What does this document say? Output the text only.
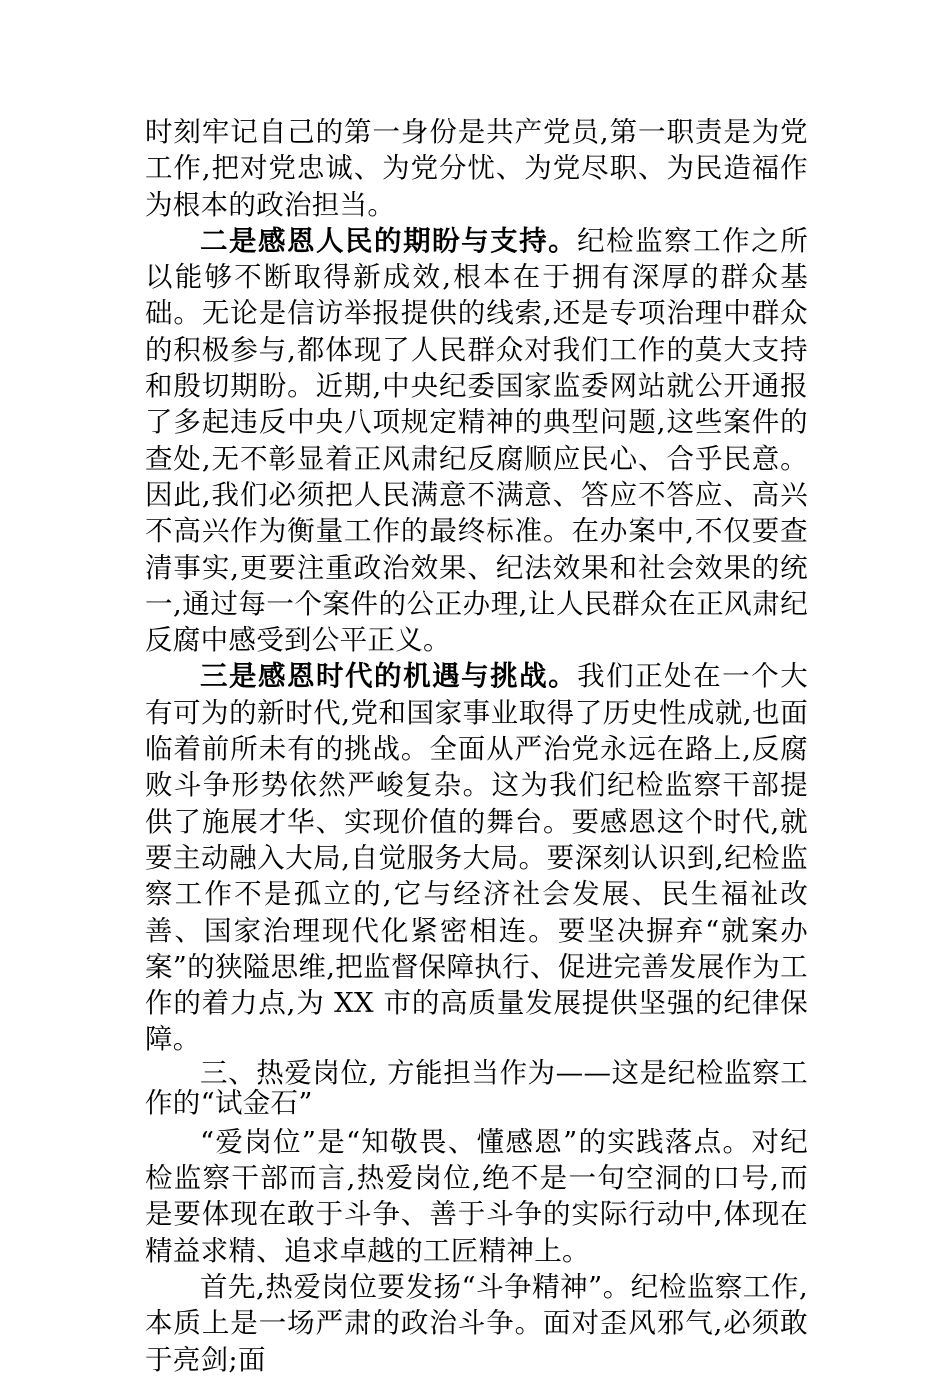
时刻牢记自己的第一身份是共产党员,第一职责是为党工作,把对党忠诚、为党分忧、为党尽职、为民造福作为根本的政治担当。

二是感恩人民的期盼与支持。纪检监察工作之所以能够不断取得新成效,根本在于拥有深厚的群众基础。无论是信访举报提供的线索,还是专项治理中群众的积极参与,都体现了人民群众对我们工作的莫大支持和殷切期盼。近期,中央纪委国家监委网站就公开通报了多起违反中央八项规定精神的典型问题,这些案件的查处,无不彰显着正风肃纪反腐顺应民心、合乎民意。因此,我们必须把人民满意不满意、答应不答应、高兴不高兴作为衡量工作的最终标准。在办案中,不仅要查清事实,更要注重政治效果、纪法效果和社会效果的统一,通过每一个案件的公正办理,让人民群众在正风肃纪反腐中感受到公平正义。

三是感恩时代的机遇与挑战。我们正处在一个大有可为的新时代,党和国家事业取得了历史性成就,也面临着前所未有的挑战。全面从严治党永远在路上,反腐败斗争形势依然严峻复杂。这为我们纪检监察干部提供了施展才华、实现价值的舞台。要感恩这个时代,就要主动融入大局,自觉服务大局。要深刻认识到,纪检监察工作不是孤立的,它与经济社会发展、民生福祉改善、国家治理现代化紧密相连。要坚决摒弃“就案办案”的狭隘思维,把监督保障执行、促进完善发展作为工作的着力点,为 XX 市的高质量发展提供坚强的纪律保障。

三、热爱岗位, 方能担当作为——这是纪检监察工作的“试金石”

“爱岗位”是“知敬畏、懂感恩”的实践落点。对纪检监察干部而言,热爱岗位,绝不是一句空洞的口号,而是要体现在敢于斗争、善于斗争的实际行动中,体现在精益求精、追求卓越的工匠精神上。

首先,热爱岗位要发扬“斗争精神”。纪检监察工作,本质上是一场严肃的政治斗争。面对歪风邪气,必须敢于亮剑;面
